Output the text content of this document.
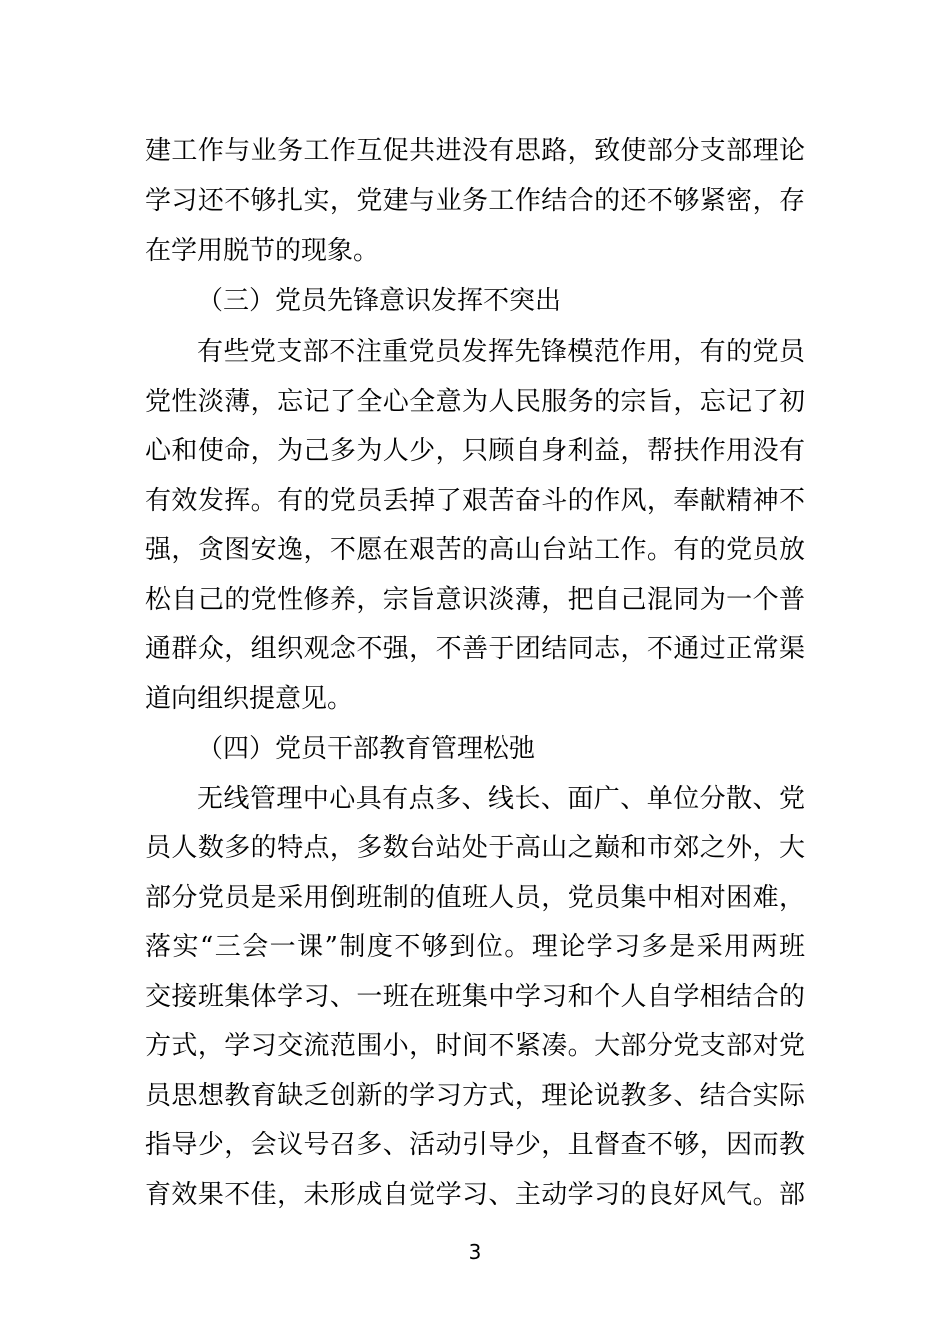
建工作与业务工作互促共进没有思路，致使部分支部理论
学习还不够扎实，党建与业务工作结合的还不够紧密，存
在学用脱节的现象。
（三）党员先锋意识发挥不突出
有些党支部不注重党员发挥先锋模范作用，有的党员
党性淡薄，忘记了全心全意为人民服务的宗旨，忘记了初
心和使命，为己多为人少，只顾自身利益，帮扶作用没有
有效发挥。有的党员丢掉了艰苦奋斗的作风，奉献精神不
强，贪图安逸，不愿在艰苦的高山台站工作。有的党员放
松自己的党性修养，宗旨意识淡薄，把自己混同为一个普
通群众，组织观念不强，不善于团结同志，不通过正常渠
道向组织提意见。
（四）党员干部教育管理松弛
无线管理中心具有点多、线长、面广、单位分散、党
员人数多的特点，多数台站处于高山之巅和市郊之外，大
部分党员是采用倒班制的值班人员，党员集中相对困难，
落实“三会一课”制度不够到位。理论学习多是采用两班
交接班集体学习、一班在班集中学习和个人自学相结合的
方式，学习交流范围小，时间不紧凑。大部分党支部对党
员思想教育缺乏创新的学习方式，理论说教多、结合实际
指导少，会议号召多、活动引导少，且督查不够，因而教
育效果不佳，未形成自觉学习、主动学习的良好风气。部
3
